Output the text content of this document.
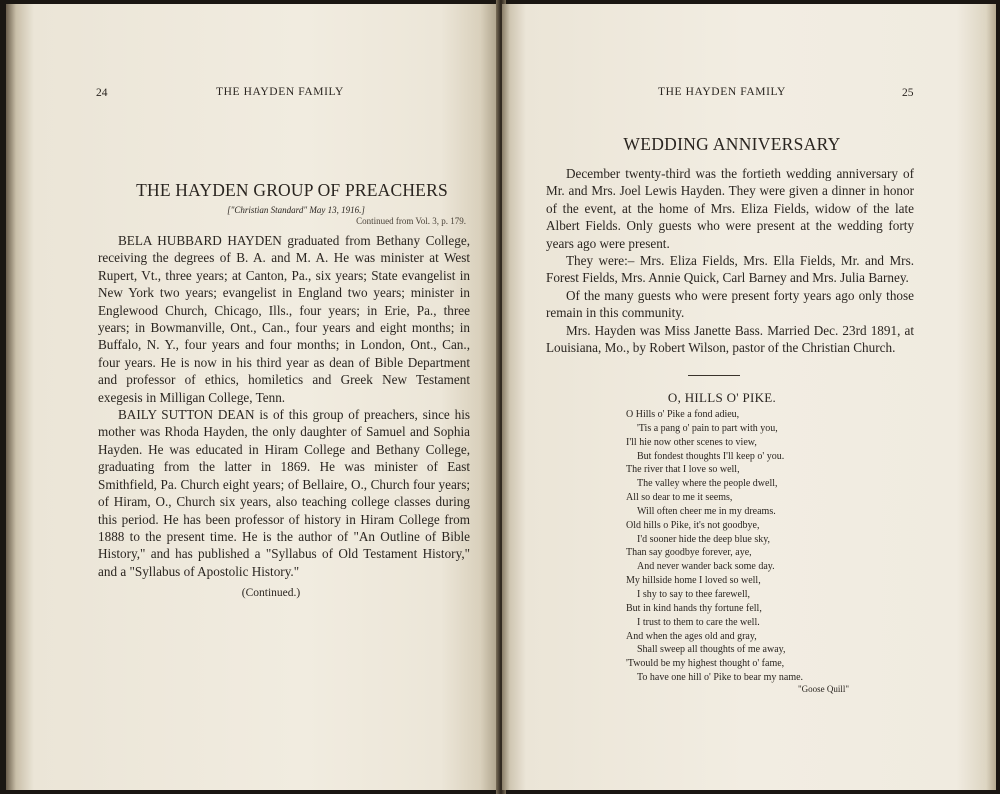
24	THE HAYDEN FAMILY
THE HAYDEN GROUP OF PREACHERS
["Christian Standard" May 13, 1916.]
Continued from Vol. 3, p. 179.

BELA HUBBARD HAYDEN graduated from Bethany College, receiving the degrees of B. A. and M. A. He was minister at West Rupert, Vt., three years; at Canton, Pa., six years; State evangelist in New York two years; evangelist in England two years; minister in Englewood Church, Chicago, Ills., four years; in Erie, Pa., three years; in Bowmanville, Ont., Can., four years and eight months; in Buffalo, N. Y., four years and four months; in London, Ont., Can., four years. He is now in his third year as dean of Bible Department and professor of ethics, homiletics and Greek New Testament exegesis in Milligan College, Tenn.

BAILY SUTTON DEAN is of this group of preachers, since his mother was Rhoda Hayden, the only daughter of Samuel and Sophia Hayden. He was educated in Hiram College and Bethany College, graduating from the latter in 1869. He was minister of East Smithfield, Pa. Church eight years; of Bellaire, O., Church four years; of Hiram, O., Church six years, also teaching college classes during this period. He has been professor of history in Hiram College from 1888 to the present time. He is the author of "An Outline of Bible History," and has published a "Syllabus of Old Testament History," and a "Syllabus of Apostolic History."

(Continued.)
THE HAYDEN FAMILY	25
WEDDING ANNIVERSARY

December twenty-third was the fortieth wedding anniversary of Mr. and Mrs. Joel Lewis Hayden. They were given a dinner in honor of the event, at the home of Mrs. Eliza Fields, widow of the late Albert Fields. Only guests who were present at the wedding forty years ago were present.

They were:– Mrs. Eliza Fields, Mrs. Ella Fields, Mr. and Mrs. Forest Fields, Mrs. Annie Quick, Carl Barney and Mrs. Julia Barney.

Of the many guests who were present forty years ago only those remain in this community.

Mrs. Hayden was Miss Janette Bass. Married Dec. 23rd 1891, at Louisiana, Mo., by Robert Wilson, pastor of the Christian Church.

O, HILLS O' PIKE.
O Hills o' Pike a fond adieu,
'Tis a pang o' pain to part with you,
I'll hie now other scenes to view,
But fondest thoughts I'll keep o' you.
The river that I love so well,
The valley where the people dwell,
All so dear to me it seems,
Will often cheer me in my dreams.
Old hills o Pike, it's not goodbye,
I'd sooner hide the deep blue sky,
Than say goodbye forever, aye,
And never wander back some day.
My hillside home I loved so well,
I shy to say to thee farewell,
But in kind hands thy fortune fell,
I trust to them to care the well.
And when the ages old and gray,
Shall sweep all thoughts of me away,
'Twould be my highest thought o' fame,
To have one hill o' Pike to bear my name.
"Goose Quill"
